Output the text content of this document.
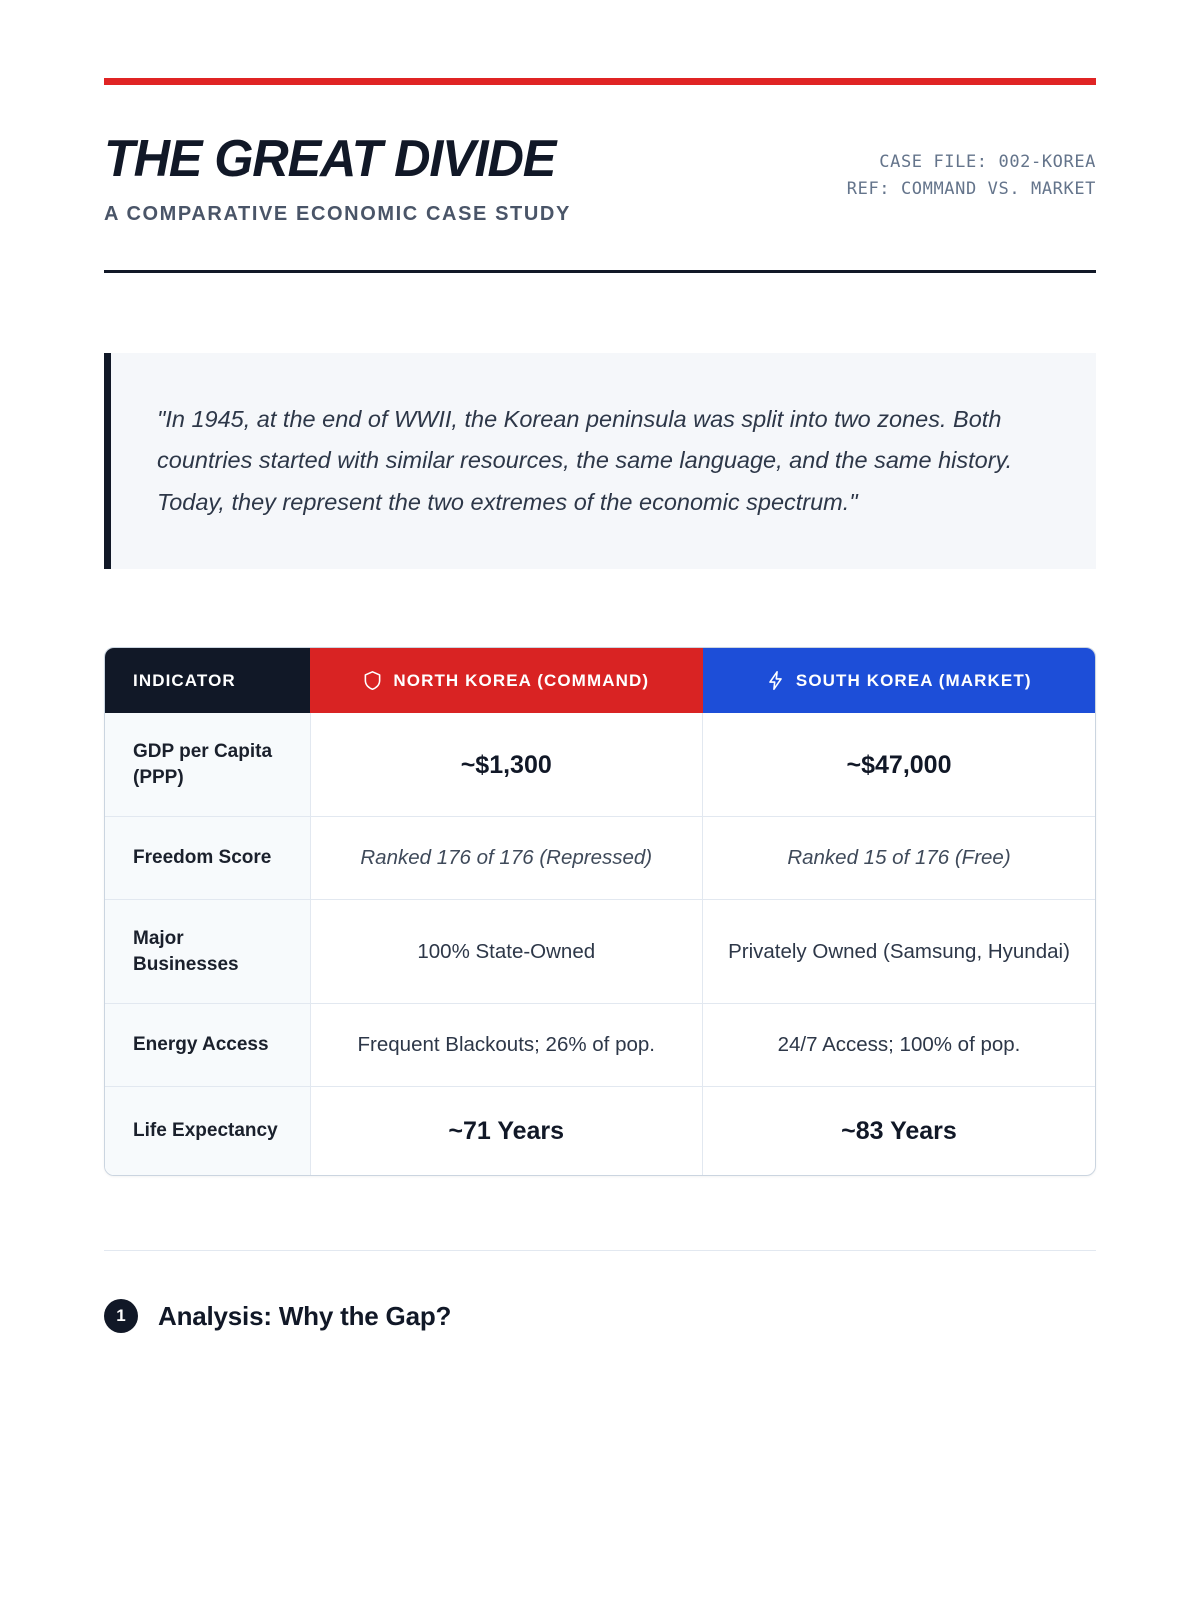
THE GREAT DIVIDE
A COMPARATIVE ECONOMIC CASE STUDY
CASE FILE: 002-KOREA
REF: COMMAND VS. MARKET
"In 1945, at the end of WWII, the Korean peninsula was split into two zones. Both countries started with similar resources, the same language, and the same history. Today, they represent the two extremes of the economic spectrum."
INDICATOR	NORTH KOREA (COMMAND)	SOUTH KOREA (MARKET)

GDP per Capita (PPP)	~$1,300	~$47,000
Freedom Score	Ranked 176 of 176 (Repressed)	Ranked 15 of 176 (Free)
Major Businesses	100% State-Owned	Privately Owned (Samsung, Hyundai)
Energy Access	Frequent Blackouts; 26% of pop.	24/7 Access; 100% of pop.
Life Expectancy	~71 Years	~83 Years
1	Analysis: Why the Gap?
